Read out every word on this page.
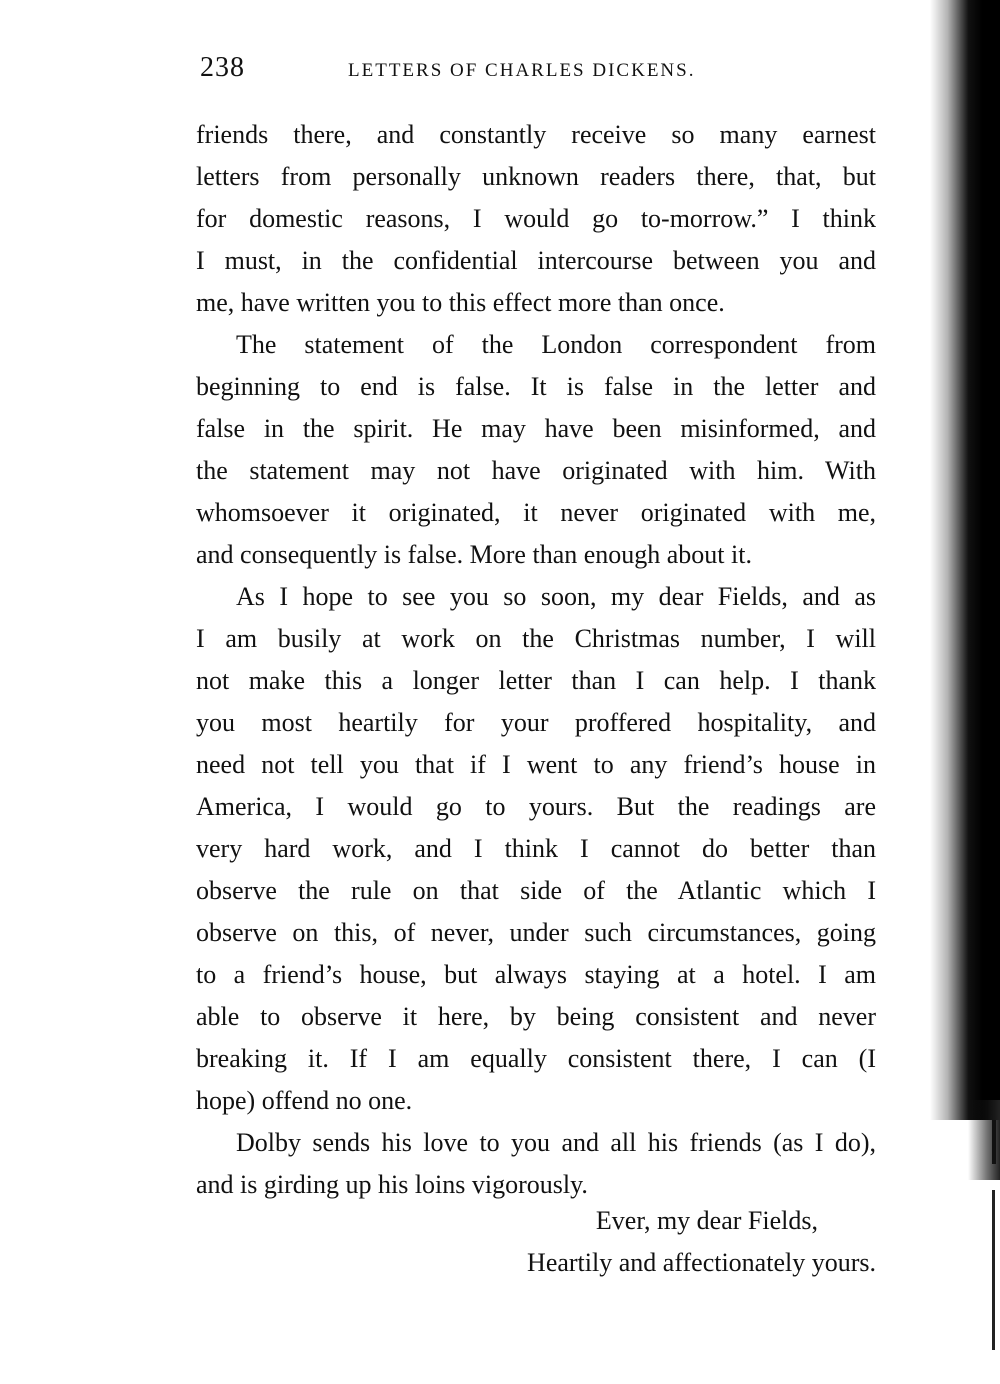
238	LETTERS OF CHARLES DICKENS.
friends there, and constantly receive so many earnest
letters from personally unknown readers there, that, but
for domestic reasons, I would go to-morrow.” I think
I must, in the confidential intercourse between you and
me, have written you to this effect more than once.
The statement of the London correspondent from
beginning to end is false. It is false in the letter and
false in the spirit. He may have been misinformed, and
the statement may not have originated with him. With
whomsoever it originated, it never originated with me,
and consequently is false. More than enough about it.
As I hope to see you so soon, my dear Fields, and as
I am busily at work on the Christmas number, I will
not make this a longer letter than I can help. I thank
you most heartily for your proffered hospitality, and
need not tell you that if I went to any friend’s house in
America, I would go to yours. But the readings are
very hard work, and I think I cannot do better than
observe the rule on that side of the Atlantic which I
observe on this, of never, under such circumstances, going
to a friend’s house, but always staying at a hotel. I am
able to observe it here, by being consistent and never
breaking it. If I am equally consistent there, I can (I
hope) offend no one.
Dolby sends his love to you and all his friends (as I do),
and is girding up his loins vigorously.
Ever, my dear Fields,
Heartily and affectionately yours.
